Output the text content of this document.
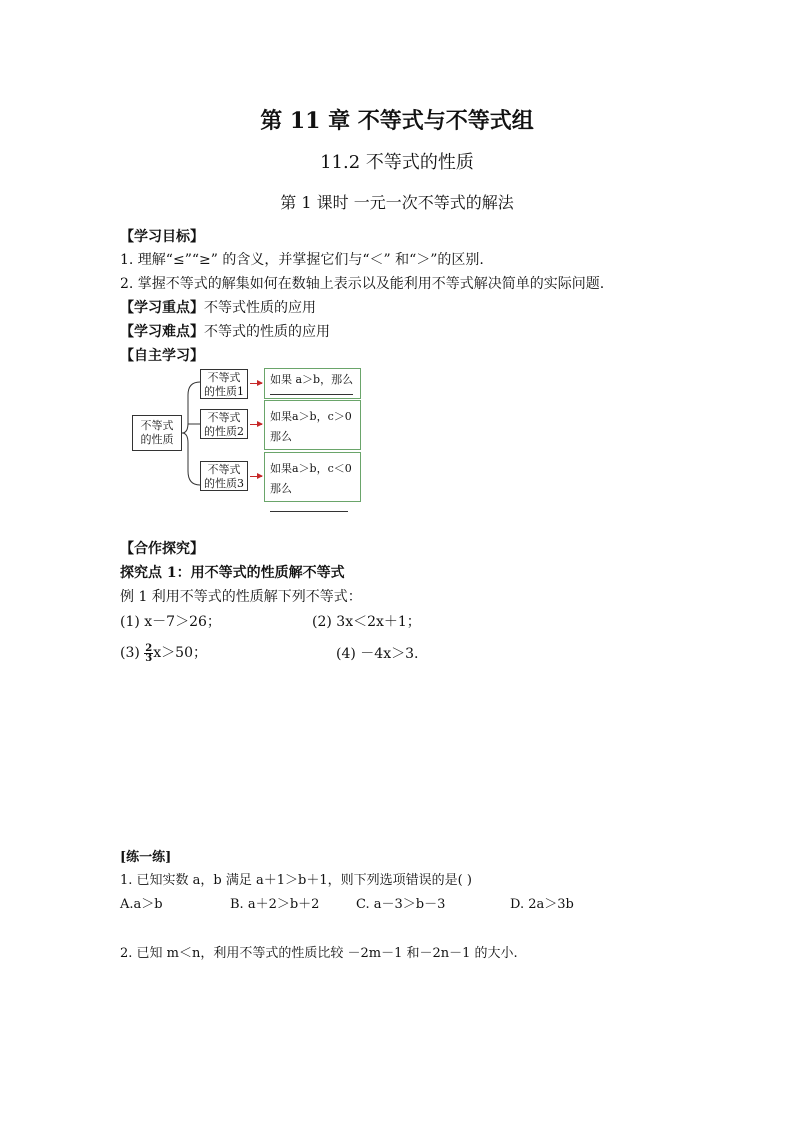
第 11 章 不等式与不等式组
11.2 不等式的性质
第 1 课时 一元一次不等式的解法
【学习目标】
1. 理解“≤”“≥” 的含义，并掌握它们与“＜” 和“＞”的区别.
2. 掌握不等式的解集如何在数轴上表示以及能利用不等式解决简单的实际问题.
【学习重点】不等式性质的应用
【学习难点】不等式的性质的应用
【自主学习】
不等式
的性质
不等式
的性质1
如果 a＞b，那么
不等式
的性质2
如果a＞b，c＞0
那么
不等式
的性质3
如果a＞b，c＜0
那么
【合作探究】
探究点 1：用不等式的性质解不等式
例 1 利用不等式的性质解下列不等式：
(1) x－7＞26；	(2) 3x＜2x＋1；
$(3) \frac{2}{3} x>50$；	(4) －4x＞3.
[练一练]
1. 已知实数 a，b 满足 a＋1＞b＋1，则下列选项错误的是( )
A.a＞b	B. a＋2＞b＋2	C. a－3＞b－3	D. 2a＞3b
2. 已知 m＜n，利用不等式的性质比较 －2m－1 和－2n－1 的大小.
